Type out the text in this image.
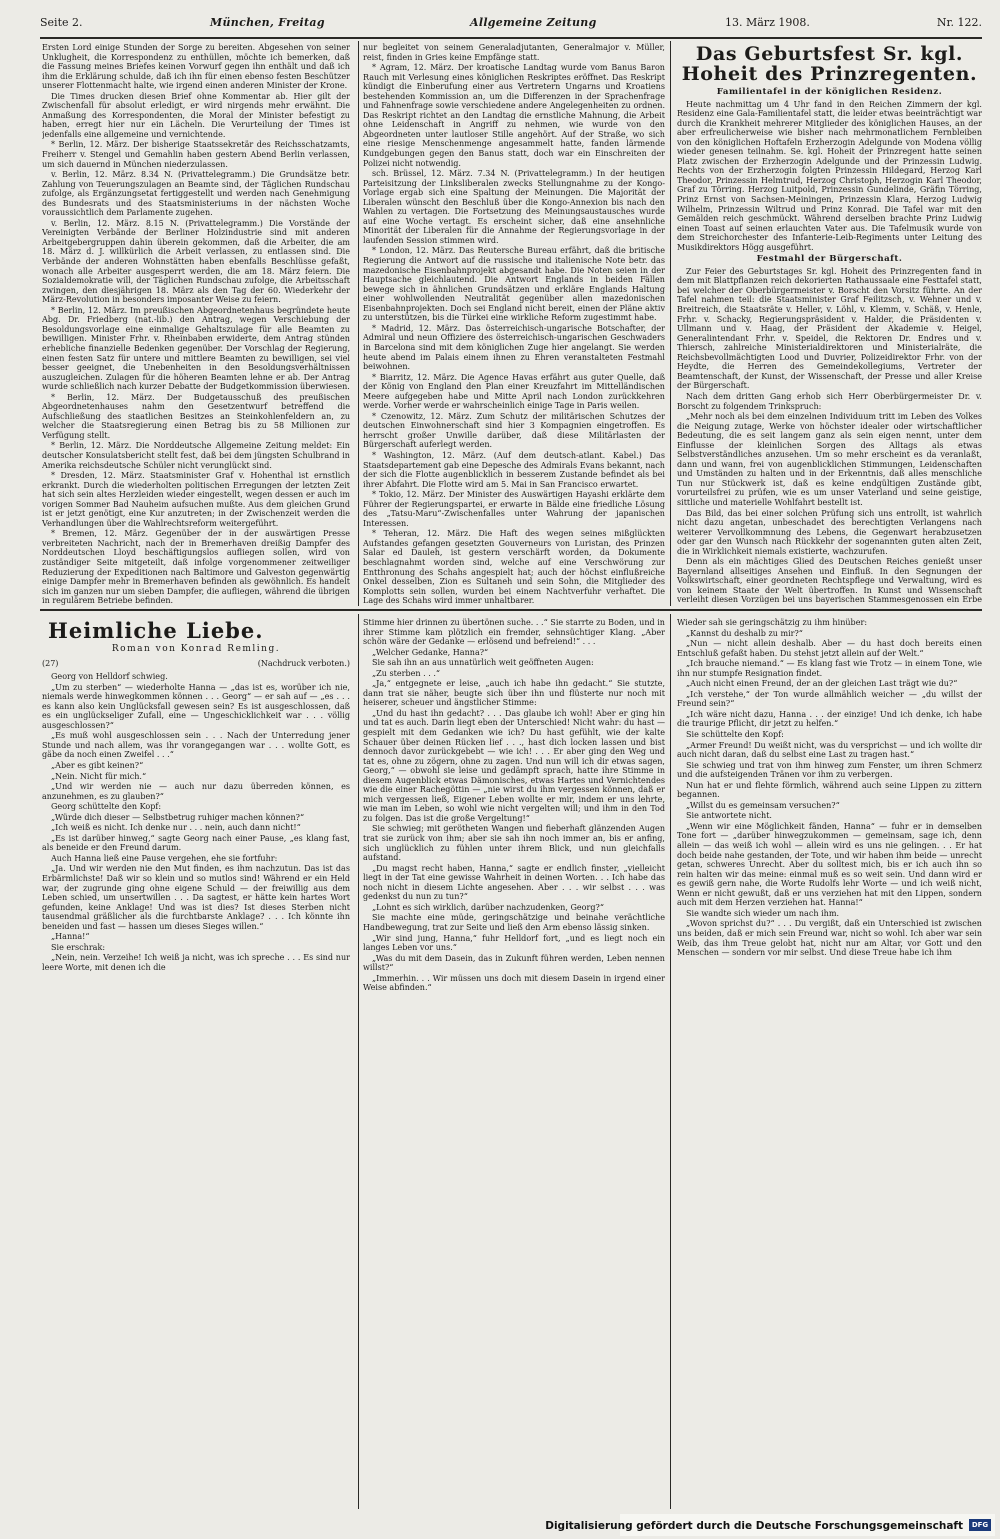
Seite 2.	München, Freitag	Allgemeine Zeitung	13. März 1908.	Nr. 122.

Ersten Lord einige Stunden der Sorge zu bereiten. Abgesehen von seiner Unklugheit, die Korrespondenz zu enthüllen, möchte ich bemerken, daß die Fassung meines Briefes keinen Vorwurf gegen ihn enthält und daß ich ihm die Erklärung schulde, daß ich ihn für einen ebenso festen Beschützer unserer Flottenmacht halte, wie irgend einen anderen Minister der Krone.

Die Times drucken diesen Brief ohne Kommentar ab. Hier gilt der Zwischenfall für absolut erledigt, er wird nirgends mehr erwähnt. Die Anmaßung des Korrespondenten, die Moral der Minister befestigt zu haben, erregt hier nur ein Lächeln. Die Verurteilung der Times ist jedenfalls eine allgemeine und vernichtende.

* Berlin, 12. März. Der bisherige Staatssekretär des Reichsschatzamts, Freiherr v. Stengel und Gemahlin haben gestern Abend Berlin verlassen, um sich dauernd in München niederzulassen.

v. Berlin, 12. März. 8.34 N. (Privattelegramm.) Die Grundsätze betr. Zahlung von Teuerungszulagen an Beamte sind, der Täglichen Rundschau zufolge, als Ergänzungsetat fertiggestellt und werden nach Genehmigung des Bundesrats und des Staatsministeriums in der nächsten Woche voraussichtlich dem Parlamente zugehen.

v. Berlin, 12. März. 8.15 N. (Privattelegramm.) Die Vorstände der Vereinigten Verbände der Berliner Holzindustrie sind mit anderen Arbeitgebergruppen dahin überein gekommen, daß die Arbeiter, die am 18. März d. J. willkürlich die Arbeit verlassen, zu entlassen sind. Die Verbände der anderen Wohnstätten haben ebenfalls Beschlüsse gefaßt, wonach alle Arbeiter ausgesperrt werden, die am 18. März feiern. Die Sozialdemokratie will, der Täglichen Rundschau zufolge, die Arbeitsschaft zwingen, den diesjährigen 18. März als den Tag der 60. Wiederkehr der März-Revolution in besonders imposanter Weise zu feiern.

* Berlin, 12. März. Im preußischen Abgeordnetenhaus begründete heute Abg. Dr. Friedberg (nat.-lib.) den Antrag, wegen Verschiebung der Besoldungsvorlage eine einmalige Gehaltszulage für alle Beamten zu bewilligen. Minister Frhr. v. Rheinbaben erwiderte, dem Antrag stünden erhebliche finanzielle Bedenken gegenüber. Der Vorschlag der Regierung, einen festen Satz für untere und mittlere Beamten zu bewilligen, sei viel besser geeignet, die Unebenheiten in den Besoldungsverhältnissen auszugleichen. Zulagen für die höheren Beamten lehne er ab. Der Antrag wurde schließlich nach kurzer Debatte der Budgetkommission überwiesen.

* Berlin, 12. März. Der Budgetausschuß des preußischen Abgeordnetenhauses nahm den Gesetzentwurf betreffend die Aufschließung des staatlichen Besitzes an Steinkohlenfeldern an, zu welcher die Staatsregierung einen Betrag bis zu 58 Millionen zur Verfügung stellt.

* Berlin, 12. März. Die Norddeutsche Allgemeine Zeitung meldet: Ein deutscher Konsulatsbericht stellt fest, daß bei dem jüngsten Schulbrand in Amerika reichsdeutsche Schüler nicht verunglückt sind.

* Dresden, 12. März. Staatsminister Graf v. Hohenthal ist ernstlich erkrankt. Durch die wiederholten politischen Erregungen der letzten Zeit hat sich sein altes Herzleiden wieder eingestellt, wegen dessen er auch im vorigen Sommer Bad Nauheim aufsuchen mußte. Aus dem gleichen Grund ist er jetzt genötigt, eine Kur anzutreten; in der Zwischenzeit werden die Verhandlungen über die Wahlrechtsreform weitergeführt.

* Bremen, 12. März. Gegenüber der in der auswärtigen Presse verbreiteten Nachricht, nach der in Bremerhaven dreißig Dampfer des Norddeutschen Lloyd beschäftigungslos aufliegen sollen, wird von zuständiger Seite mitgeteilt, daß infolge vorgenommener zeitweiliger Reduzierung der Expeditionen nach Baltimore und Galveston gegenwärtig einige Dampfer mehr in Bremerhaven befinden als gewöhnlich. Es handelt sich im ganzen nur um sieben Dampfer, die aufliegen, während die übrigen in regulärem Betriebe befinden.

nur begleitet von seinem Generaladjutanten, Generalmajor v. Müller, reist, finden in Gries keine Empfänge statt.

* Agram, 12. März. Der kroatische Landtag wurde vom Banus Baron Rauch mit Verlesung eines königlichen Reskriptes eröffnet. Das Reskript kündigt die Einberufung einer aus Vertretern Ungarns und Kroatiens bestehenden Kommission an, um die Differenzen in der Sprachenfrage und Fahnenfrage sowie verschiedene andere Angelegenheiten zu ordnen. Das Reskript richtet an den Landtag die ernstliche Mahnung, die Arbeit ohne Leidenschaft in Angriff zu nehmen, wie wurde von den Abgeordneten unter lautloser Stille angehört. Auf der Straße, wo sich eine riesige Menschenmenge angesammelt hatte, fanden lärmende Kundgebungen gegen den Banus statt, doch war ein Einschreiten der Polizei nicht notwendig.

sch. Brüssel, 12. März. 7.34 N. (Privattelegramm.) In der heutigen Parteisitzung der Linksliberalen zwecks Stellungnahme zu der Kongo-Vorlage ergab sich eine Spaltung der Meinungen. Die Majorität der Liberalen wünscht den Beschluß über die Kongo-Annexion bis nach den Wahlen zu vertagen. Die Fortsetzung des Meinungsaustausches wurde auf eine Woche vertagt. Es erscheint sicher, daß eine ansehnliche Minorität der Liberalen für die Annahme der Regierungsvorlage in der laufenden Session stimmen wird.

* London, 12. März. Das Reutersche Bureau erfährt, daß die britische Regierung die Antwort auf die russische und italienische Note betr. das mazedonische Eisenbahnprojekt abgesandt habe. Die Noten seien in der Hauptsache gleichlautend. Die Antwort Englands in beiden Fällen bewege sich in ähnlichen Grundsätzen und erkläre Englands Haltung einer wohlwollenden Neutralität gegenüber allen mazedonischen Eisenbahnprojekten. Doch sei England nicht bereit, einen der Pläne aktiv zu unterstützen, bis die Türkei eine wirkliche Reform zugestimmt habe.

* Madrid, 12. März. Das österreichisch-ungarische Botschafter, der Admiral und neun Offiziere des österreichisch-ungarischen Geschwaders in Barcelona sind mit dem königlichen Zuge hier angelangt. Sie werden heute abend im Palais einem ihnen zu Ehren veranstalteten Festmahl beiwohnen.

* Biarritz, 12. März. Die Agence Havas erfährt aus guter Quelle, daß der König von England den Plan einer Kreuzfahrt im Mittelländischen Meere aufgegeben habe und Mitte April nach London zurückkehren werde. Vorher werde er wahrscheinlich einige Tage in Paris weilen.

* Czenowitz, 12. März. Zum Schutz der militärischen Schutzes der deutschen Einwohnerschaft sind hier 3 Kompagnien eingetroffen. Es herrscht großer Unwille darüber, daß diese Militärlasten der Bürgerschaft auferlegt werden.

* Washington, 12. März. (Auf dem deutsch-atlant. Kabel.) Das Staatsdepartement gab eine Depesche des Admirals Evans bekannt, nach der sich die Flotte augenblicklich in besserem Zustande befindet als bei ihrer Abfahrt. Die Flotte wird am 5. Mai in San Francisco erwartet.

* Tokio, 12. März. Der Minister des Auswärtigen Hayashi erklärte dem Führer der Regierungspartei, er erwarte in Bälde eine friedliche Lösung des „Tatsu-Maru“-Zwischenfalles unter Wahrung der japanischen Interessen.

* Teheran, 12. März. Die Haft des wegen seines mißglückten Aufstandes gefangen gesetzten Gouverneurs von Luristan, des Prinzen Salar ed Dauleh, ist gestern verschärft worden, da Dokumente beschlagnahmt worden sind, welche auf eine Verschwörung zur Entthronung des Schahs angespielt hat; auch der höchst einflußreiche Onkel desselben, Zion es Sultaneh und sein Sohn, die Mitglieder des Komplotts sein sollen, wurden bei einem Nachtverfuhr verhaftet. Die Lage des Schahs wird immer unhaltbarer.

Das Geburtsfest Sr. kgl. Hoheit des Prinzregenten.
Familientafel in der königlichen Residenz.

Heute nachmittag um 4 Uhr fand in den Reichen Zimmern der kgl. Residenz eine Gala-Familientafel statt, die leider etwas beeinträchtigt war durch die Krankheit mehrerer Mitglieder des königlichen Hauses, an der aber erfreulicherweise wie bisher nach mehrmonatlichem Fernbleiben von den königlichen Hoftafeln Erzherzogin Adelgunde von Modena völlig wieder genesen teilnahm. Se. kgl. Hoheit der Prinzregent hatte seinen Platz zwischen der Erzherzogin Adelgunde und der Prinzessin Ludwig. Rechts von der Erzherzogin folgten Prinzessin Hildegard, Herzog Karl Theodor, Prinzessin Helmtrud, Herzog Christoph, Herzogin Karl Theodor, Graf zu Törring. Herzog Luitpold, Prinzessin Gundelinde, Gräfin Törring, Prinz Ernst von Sachsen-Meiningen, Prinzessin Klara, Herzog Ludwig Wilhelm, Prinzessin Wiltrud und Prinz Konrad. Die Tafel war mit den Gemälden reich geschmückt. Während derselben brachte Prinz Ludwig einen Toast auf seinen erlauchten Vater aus. Die Tafelmusik wurde von dem Streichorchester des Infanterie-Leib-Regiments unter Leitung des Musikdirektors Högg ausgeführt.

Festmahl der Bürgerschaft.

Zur Feier des Geburtstages Sr. kgl. Hoheit des Prinzregenten fand in dem mit Blattpflanzen reich dekorierten Rathaussaale eine Festtafel statt, bei welcher der Oberbürgermeister v. Borscht den Vorsitz führte. An der Tafel nahmen teil: die Staatsminister Graf Feilitzsch, v. Wehner und v. Breitreich, die Staatsräte v. Heller, v. Löhl, v. Klemm, v. Schäß, v. Henle, Frhr. v. Schacky, Regierungspräsident v. Halder, die Präsidenten v. Ullmann und v. Haag, der Präsident der Akademie v. Heigel, Generalintendant Frhr. v. Speidel, die Rektoren Dr. Endres und v. Thiersch, zahlreiche Ministerialdirektoren und Ministerialräte, die Reichsbevollmächtigten Lood und Duvrier, Polizeidirektor Frhr. von der Heydte, die Herren des Gemeindekollegiums, Vertreter der Beamtenschaft, der Kunst, der Wissenschaft, der Presse und aller Kreise der Bürgerschaft.

Nach dem dritten Gang erhob sich Herr Oberbürgermeister Dr. v. Borscht zu folgendem Trinkspruch:

„Mehr noch als bei dem einzelnen Individuum tritt im Leben des Volkes die Neigung zutage, Werke von höchster idealer oder wirtschaftlicher Bedeutung, die es seit langem ganz als sein eigen nennt, unter dem Einflusse der kleinlichen Sorgen des Alltags als etwas Selbstverständliches anzusehen. Um so mehr erscheint es da veranlaßt, dann und wann, frei von augenblicklichen Stimmungen, Leidenschaften und Umständen zu halten und in der Erkenntnis, daß alles menschliche Tun nur Stückwerk ist, daß es keine endgültigen Zustände gibt, vorurteilsfrei zu prüfen, wie es um unser Vaterland und seine geistige, sittliche und materielle Wohlfahrt bestellt ist.

Das Bild, das bei einer solchen Prüfung sich uns entrollt, ist wahrlich nicht dazu angetan, unbeschadet des berechtigten Verlangens nach weiterer Vervollkommnung des Lebens, die Gegenwart herabzusetzen oder gar den Wunsch nach Rückkehr der sogenannten guten alten Zeit, die in Wirklichkeit niemals existierte, wachzurufen.

Denn als ein mächtiges Glied des Deutschen Reiches genießt unser Bayernland allseitiges Ansehen und Einfluß. In den Segnungen der Volkswirtschaft, einer geordneten Rechtspflege und Verwaltung, wird es von keinem Staate der Welt übertroffen. In Kunst und Wissenschaft verleiht diesen Vorzügen bei uns bayerischen Stammesgenossen ein Erbe

Heimliche Liebe.
Roman von Konrad Remling.
(27)	(Nachdruck verboten.)

Georg von Helldorf schwieg.

„Um zu sterben“ — wiederholte Hanna — „das ist es, worüber ich nie, niemals werde hinwegkommen können . . . Georg“ — er sah auf — „es . . . es kann also kein Unglücksfall gewesen sein? Es ist ausgeschlossen, daß es ein unglückseliger Zufall, eine — Ungeschicklichkeit war . . . völlig ausgeschlossen?“

„Es muß wohl ausgeschlossen sein . . . Nach der Unterredung jener Stunde und nach allem, was ihr vorangegangen war . . . wollte Gott, es gäbe da noch einen Zweifel . . .“

„Aber es gibt keinen?“

„Nein. Nicht für mich.“

„Und wir werden nie — auch nur dazu überreden können, es anzunehmen, es zu glauben?“

Georg schüttelte den Kopf:

„Würde dich dieser — Selbstbetrug ruhiger machen können?“

„Ich weiß es nicht. Ich denke nur . . . nein, auch dann nicht!“

„Es ist darüber hinweg,“ sagte Georg nach einer Pause, „es klang fast, als beneide er den Freund darum.

Auch Hanna ließ eine Pause vergehen, ehe sie fortfuhr:

„Ja. Und wir werden nie den Mut finden, es ihm nachzutun. Das ist das Erbärmlichste! Daß wir so klein und so mutlos sind! Während er ein Held war, der zugrunde ging ohne eigene Schuld — der freiwillig aus dem Leben schied, um unsertwillen . . . Da sagtest, er hätte kein hartes Wort gefunden, keine Anklage! Und was ist dies? Ist dieses Sterben nicht tausendmal gräßlicher als die furchtbarste Anklage? . . . Ich könnte ihn beneiden und fast — hassen um dieses Sieges willen.“

„Hanna!“

Sie erschrak:

„Nein, nein. Verzeihe! Ich weiß ja nicht, was ich spreche . . . Es sind nur leere Worte, mit denen ich die

Stimme hier drinnen zu übertönen suche. . .“ Sie starrte zu Boden, und in ihrer Stimme kam plötzlich ein fremder, sehnsüchtiger Klang. „Aber schön wäre der Gedanke — erlösend und befreiend!“ . . .

„Welcher Gedanke, Hanna?“

Sie sah ihn an aus unnatürlich weit geöffneten Augen:

„Zu sterben . . .“

„Ja,“ entgegnete er leise, „auch ich habe ihn gedacht.“ Sie stutzte, dann trat sie näher, beugte sich über ihn und flüsterte nur noch mit heiserer, scheuer und ängstlicher Stimme:

„Und du hast ihn gedacht? . . . Das glaube ich wohl! Aber er ging hin und tat es auch. Darin liegt eben der Unterschied! Nicht wahr: du hast — gespielt mit dem Gedanken wie ich? Du hast gefühlt, wie der kalte Schauer über deinen Rücken lief . . ., hast dich locken lassen und bist dennoch davor zurückgebebt — wie ich! . . . Er aber ging den Weg und tat es, ohne zu zögern, ohne zu zagen. Und nun will ich dir etwas sagen, Georg,“ — obwohl sie leise und gedämpft sprach, hatte ihre Stimme in diesem Augenblick etwas Dämonisches, etwas Hartes und Vernichtendes wie die einer Rachegöttin — „nie wirst du ihm vergessen können, daß er mich vergessen ließ, Eigener Leben wollte er mir, indem er uns lehrte, wie man im Leben, so wohl wie nicht vergelten will; und ihm in den Tod zu folgen. Das ist die große Vergeltung!“

Sie schwieg; mit gerötheten Wangen und fieberhaft glänzenden Augen trat sie zurück von ihm; aber sie sah ihn noch immer an, bis er anfing, sich unglücklich zu fühlen unter ihrem Blick, und nun gleichfalls aufstand.

„Du magst recht haben, Hanna,“ sagte er endlich finster, „vielleicht liegt in der Tat eine gewisse Wahrheit in deinen Worten. . . Ich habe das noch nicht in diesem Lichte angesehen. Aber . . . wir selbst . . . was gedenkst du nun zu tun?“

„Lohnt es sich wirklich, darüber nachzudenken, Georg?“

Sie machte eine müde, geringschätzige und beinahe verächtliche Handbewegung, trat zur Seite und ließ den Arm ebenso lässig sinken.

„Wir sind jung, Hanna,“ fuhr Helldorf fort, „und es liegt noch ein langes Leben vor uns.“

„Was du mit dem Dasein, das in Zukunft führen werden, Leben nennen willst?“

„Immerhin. . . Wir müssen uns doch mit diesem Dasein in irgend einer Weise abfinden.“

Wieder sah sie geringschätzig zu ihm hinüber:

„Kannst du deshalb zu mir?“

„Nun — nicht allein deshalb. Aber — du hast doch bereits einen Entschluß gefaßt haben. Du stehst jetzt allein auf der Welt.“

„Ich brauche niemand.“ — Es klang fast wie Trotz — in einem Tone, wie ihn nur stumpfe Resignation findet.

„Auch nicht einen Freund, der an der gleichen Last trägt wie du?“

„Ich verstehe,“ der Ton wurde allmählich weicher — „du willst der Freund sein?“

„Ich wäre nicht dazu, Hanna . . . der einzige! Und ich denke, ich habe die traurige Pflicht, dir jetzt zu helfen.“

Sie schüttelte den Kopf:

„Armer Freund! Du weißt nicht, was du versprichst — und ich wollte dir auch nicht daran, daß du selbst eine Last zu tragen hast.“

Sie schwieg und trat von ihm hinweg zum Fenster, um ihren Schmerz und die aufsteigenden Tränen vor ihm zu verbergen.

Nun hat er und flehte förmlich, während auch seine Lippen zu zittern begannen.

„Willst du es gemeinsam versuchen?“

Sie antwortete nicht.

„Wenn wir eine Möglichkeit fänden, Hanna“ — fuhr er in demselben Tone fort — „darüber hinwegzukommen — gemeinsam, sage ich, denn allein — das weiß ich wohl — allein wird es uns nie gelingen. . . Er hat doch beide nahe gestanden, der Tote, und wir haben ihm beide — unrecht getan, schweres Unrecht. Aber du solltest mich, bis er ich auch ihn so rein halten wir das meine: einmal muß es so weit sein. Und dann wird er es gewiß gern nahe, die Worte Rudolfs lehr Worte — und ich weiß nicht, Wenn er nicht gewußt, daß er uns verziehen hat mit den Lippen, sondern auch mit dem Herzen verziehen hat. Hanna!“

Sie wandte sich wieder um nach ihm.

„Wovon sprichst du?“ . . . Du vergißt, daß ein Unterschied ist zwischen uns beiden, daß er mich sein Freund war, nicht so wohl. Ich aber war sein Weib, das ihm Treue gelobt hat, nicht nur am Altar, vor Gott und den Menschen — sondern vor mir selbst. Und diese Treue habe ich ihm

Digitalisierung gefördert durch die Deutsche Forschungsgemeinschaft	DFG
